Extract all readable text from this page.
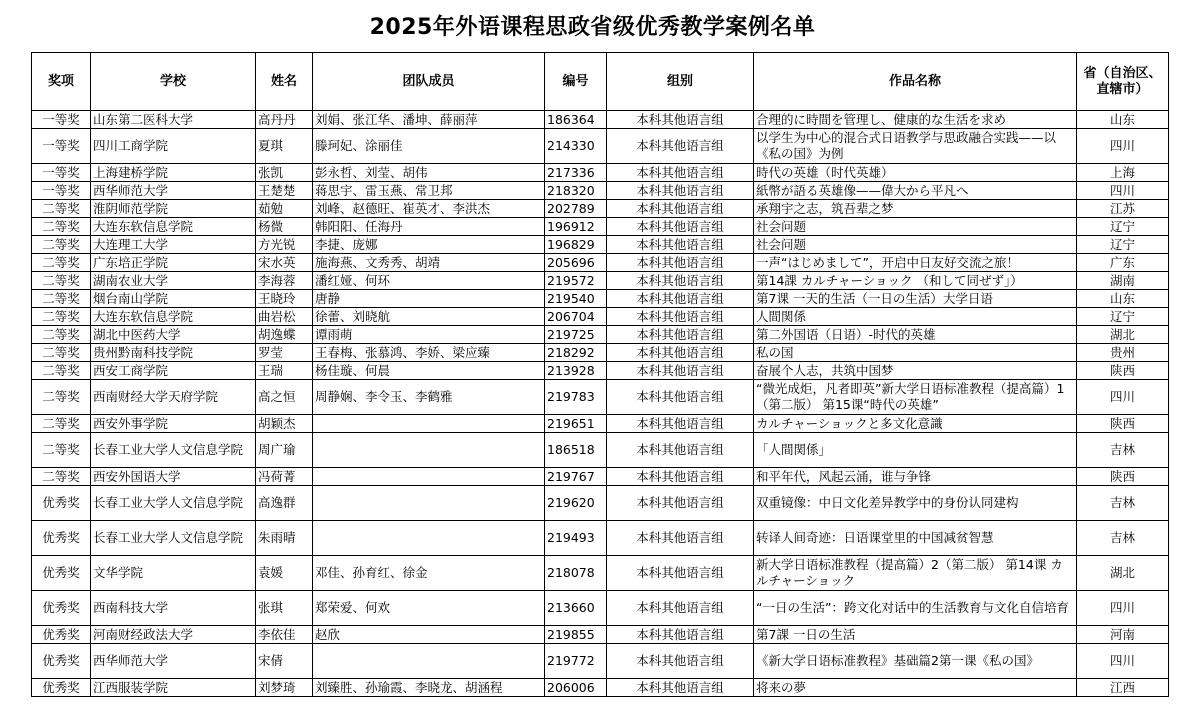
2025年外语课程思政省级优秀教学案例名单
奖项	学校	姓名	团队成员	编号	组别	作品名称	省（自治区、直辖市）
一等奖	山东第二医科大学	高丹丹	刘娟、张江华、潘坤、薛丽萍	186364	本科其他语言组	合理的に時間を管理し、健康的な生活を求め	山东
一等奖	四川工商学院	夏琪	滕珂妃、涂丽佳	214330	本科其他语言组	以学生为中心的混合式日语教学与思政融合实践——以《私の国》为例	四川
一等奖	上海建桥学院	张凯	彭永哲、刘莹、胡伟	217336	本科其他语言组	時代の英雄（时代英雄）	上海
一等奖	西华师范大学	王楚楚	蒋思宇、雷玉燕、常卫邦	218320	本科其他语言组	紙幣が語る英雄像——偉大から平凡へ	四川
二等奖	淮阴师范学院	茹勉	刘峰、赵德旺、崔英才、李洪杰	202789	本科其他语言组	承翔宇之志，筑吾辈之梦	江苏
二等奖	大连东软信息学院	杨微	韩阳阳、任海丹	196912	本科其他语言组	社会问题	辽宁
二等奖	大连理工大学	方光锐	李捷、庞娜	196829	本科其他语言组	社会问题	辽宁
二等奖	广东培正学院	宋水英	施海燕、文秀秀、胡靖	205696	本科其他语言组	一声“はじめまして”，开启中日友好交流之旅！	广东
二等奖	湖南农业大学	李海蓉	潘红娅、何环	219572	本科其他语言组	第14課 カルチャーショック （和して同ぜず」）	湖南
二等奖	烟台南山学院	王晓玲	唐静	219540	本科其他语言组	第7课 一天的生活（一日の生活）大学日语	山东
二等奖	大连东软信息学院	曲岩松	徐蕾、刘晓航	206704	本科其他语言组	人間関係	辽宁
二等奖	湖北中医药大学	胡逸蝶	谭雨萌	219725	本科其他语言组	第二外国语（日语）-时代的英雄	湖北
二等奖	贵州黔南科技学院	罗莹	王春梅、张慕鸿、李娇、梁应臻	218292	本科其他语言组	私の国	贵州
二等奖	西安工商学院	王瑞	杨佳璇、何晨	213928	本科其他语言组	奋展个人志，共筑中国梦	陕西
二等奖	西南财经大学天府学院	高之恒	周静娴、李令玉、李鹤雅	219783	本科其他语言组	“微光成炬，凡者即英”新大学日语标准教程（提高篇）1（第二版） 第15课“時代の英雄”	四川
二等奖	西安外事学院	胡颖杰		219651	本科其他语言组	カルチャーショックと多文化意識	陕西
二等奖	长春工业大学人文信息学院	周广瑜		186518	本科其他语言组	「人間関係」	吉林
二等奖	西安外国语大学	冯荷菁		219767	本科其他语言组	和平年代，风起云涌，谁与争锋	陕西
优秀奖	长春工业大学人文信息学院	高逸群		219620	本科其他语言组	双重镜像：中日文化差异教学中的身份认同建构	吉林
优秀奖	长春工业大学人文信息学院	朱雨晴		219493	本科其他语言组	转译人间奇迹：日语课堂里的中国减贫智慧	吉林
优秀奖	文华学院	袁媛	邓佳、孙育红、徐金	218078	本科其他语言组	新大学日语标准教程（提高篇）2（第二版） 第14课 カルチャーショック	湖北
优秀奖	西南科技大学	张琪	郑荣爱、何欢	213660	本科其他语言组	“一日の生活”：跨文化对话中的生活教育与文化自信培育	四川
优秀奖	河南财经政法大学	李依佳	赵欣	219855	本科其他语言组	第7課 一日の生活	河南
优秀奖	西华师范大学	宋倩		219772	本科其他语言组	《新大学日语标准教程》基础篇2第一课《私の国》	四川
优秀奖	江西服装学院	刘梦琦	刘臻胜、孙瑜霞、李晓龙、胡涵程	206006	本科其他语言组	将来の夢	江西
